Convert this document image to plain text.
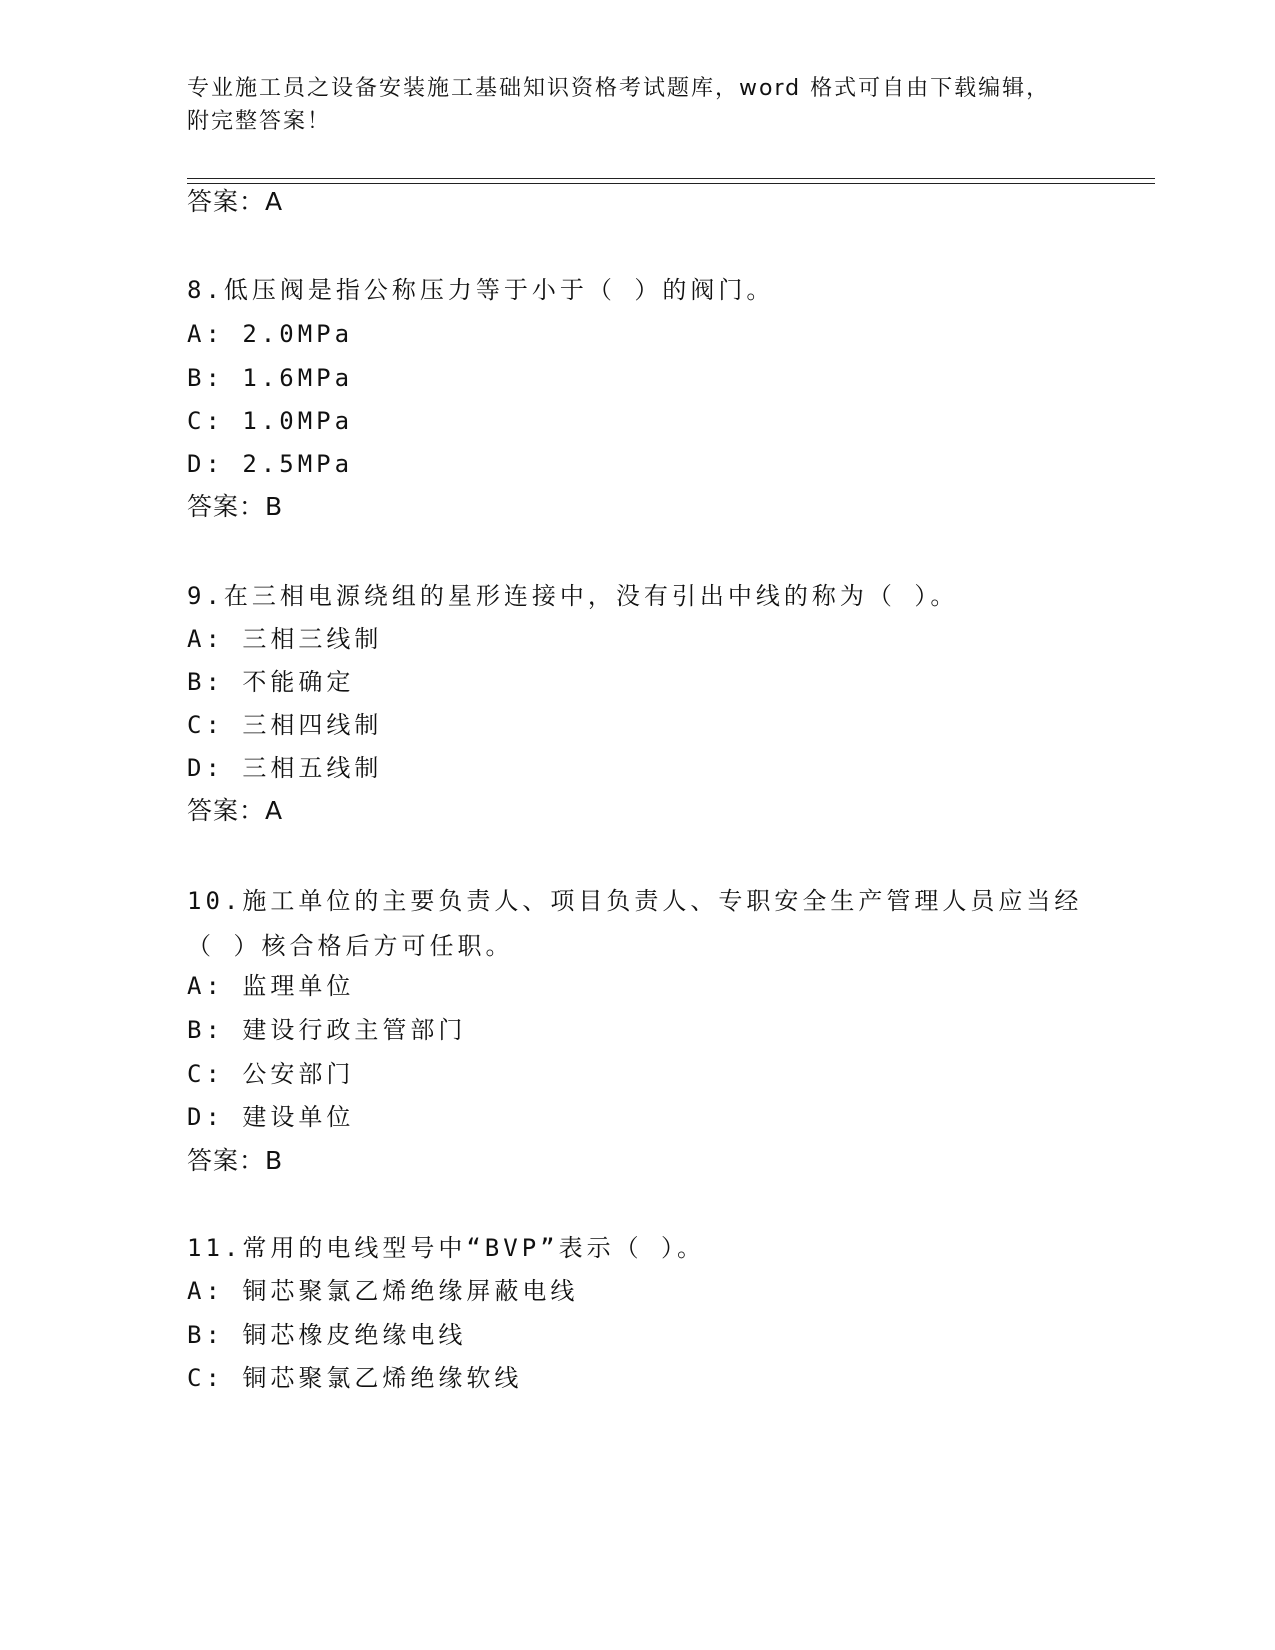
专业施工员之设备安装施工基础知识资格考试题库，word 格式可自由下载编辑，附完整答案！
答案：A
8.低压阀是指公称压力等于小于（ ）的阀门。
A: 2.0MPa
B: 1.6MPa
C: 1.0MPa
D: 2.5MPa
答案：B
9.在三相电源绕组的星形连接中，没有引出中线的称为（ ）。
A: 三相三线制
B: 不能确定
C: 三相四线制
D: 三相五线制
答案：A
10.施工单位的主要负责人、项目负责人、专职安全生产管理人员应当经（ ）核合格后方可任职。
A: 监理单位
B: 建设行政主管部门
C: 公安部门
D: 建设单位
答案：B
11.常用的电线型号中“BVP”表示（ ）。
A: 铜芯聚氯乙烯绝缘屏蔽电线
B: 铜芯橡皮绝缘电线
C: 铜芯聚氯乙烯绝缘软线
